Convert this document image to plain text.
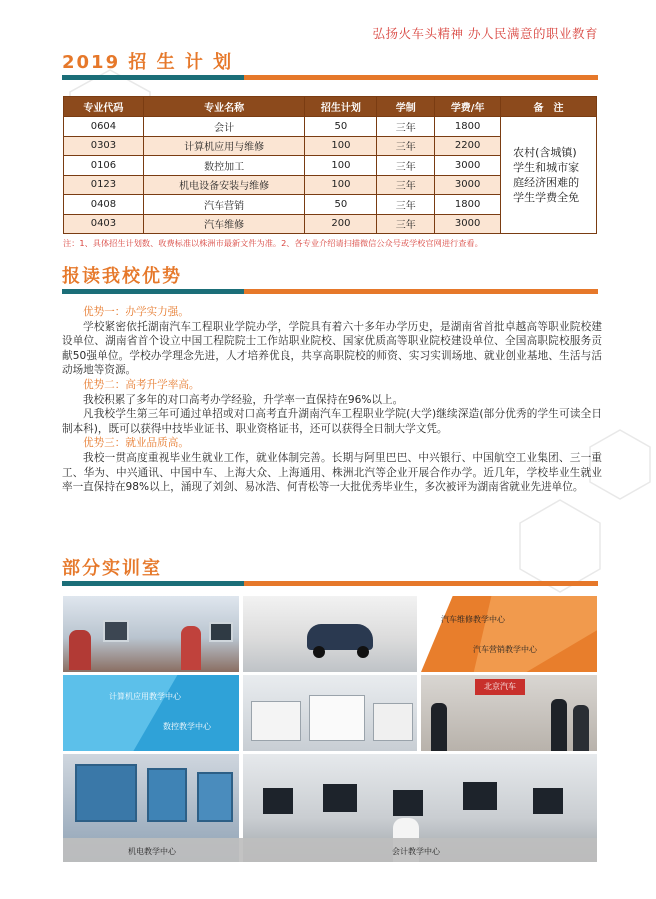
弘扬火车头精神 办人民满意的职业教育
2019 招 生 计 划
专业代码	专业名称	招生计划	学制	学费/年	备　注
0604	会计	50	三年	1800	农村(含城镇)学生和城市家庭经济困难的学生学费全免
0303	计算机应用与维修	100	三年	2200	
0106	数控加工	100	三年	3000	
0123	机电设备安装与维修	100	三年	3000	
0408	汽车营销	50	三年	1800	
0403	汽车维修	200	三年	3000	
注：1、具体招生计划数、收费标准以株洲市最新文件为准。2、各专业介绍请扫描微信公众号或学校官网进行查看。
报读我校优势

优势一：办学实力强。

学校紧密依托湖南汽车工程职业学院办学，学院具有着六十多年办学历史，是湖南省首批卓越高等职业院校建设单位、湖南省首个设立中国工程院院士工作站职业院校、国家优质高等职业院校建设单位、全国高职院校服务贡献50强单位。学校办学理念先进，人才培养优良，共享高职院校的师资、实习实训场地、就业创业基地、生活与活动场地等资源。

优势二：高考升学率高。

我校积累了多年的对口高考办学经验，升学率一直保持在96%以上。

凡我校学生第三年可通过单招或对口高考直升湖南汽车工程职业学院(大学)继续深造(部分优秀的学生可读全日制本科)，既可以获得中技毕业证书、职业资格证书，还可以获得全日制大学文凭。

优势三：就业品质高。

我校一贯高度重视毕业生就业工作，就业体制完善。长期与阿里巴巴、中兴银行、中国航空工业集团、三一重工、华为、中兴通讯、中国中车、上海大众、上海通用、株洲北汽等企业开展合作办学。近几年，学校毕业生就业率一直保持在98%以上，涌现了刘剑、易冰浩、何青松等一大批优秀毕业生，多次被评为湖南省就业先进单位。

部分实训室
汽车维修教学中心
汽车营销教学中心
计算机应用教学中心
数控教学中心
北京汽车
机电教学中心	会计教学中心
